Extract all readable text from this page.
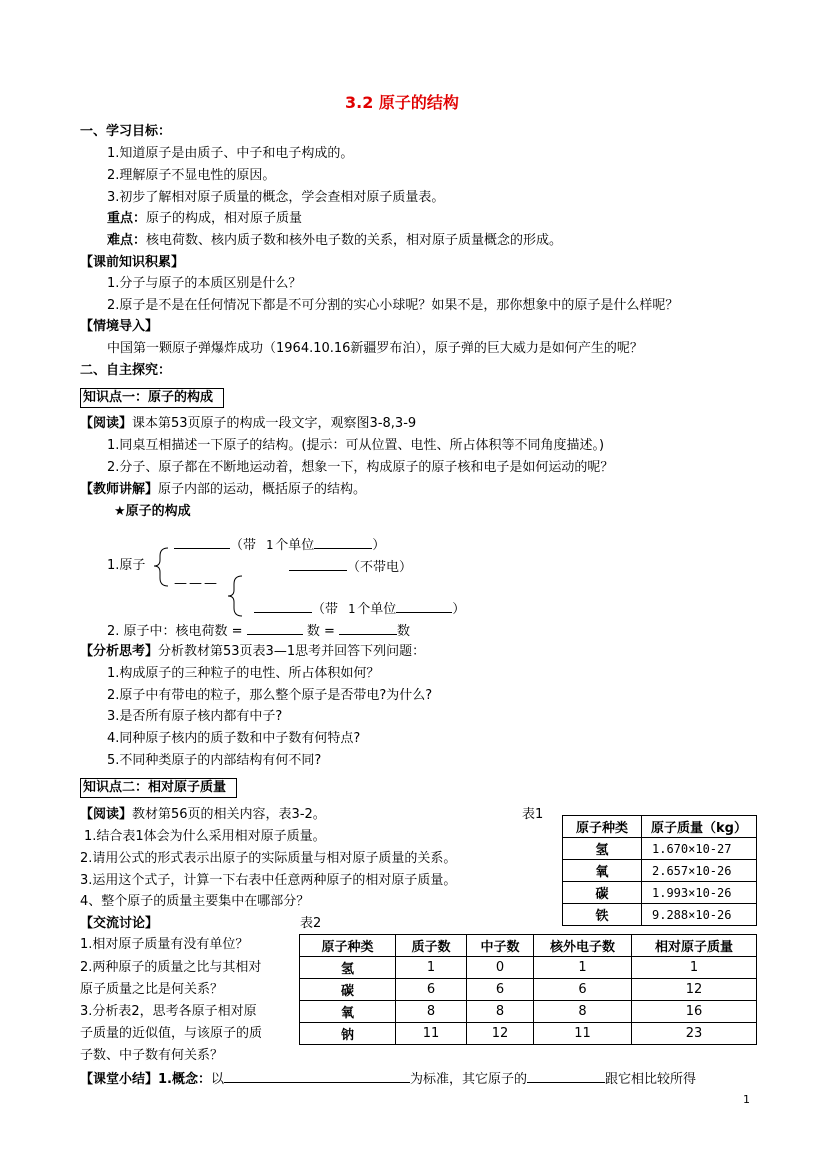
3.2 原子的结构
一、学习目标：
1.知道原子是由质子、中子和电子构成的。
2.理解原子不显电性的原因。
3.初步了解相对原子质量的概念，学会查相对原子质量表。
重点：原子的构成，相对原子质量
难点：核电荷数、核内质子数和核外电子数的关系，相对原子质量概念的形成。
【课前知识积累】
1.分子与原子的本质区别是什么？
2.原子是不是在任何情况下都是不可分割的实心小球呢？如果不是，那你想象中的原子是什么样呢？
【情境导入】
中国第一颗原子弹爆炸成功（1964.10.16新疆罗布泊），原子弹的巨大威力是如何产生的呢？
二、自主探究：
知识点一：原子的构成
【阅读】课本第53页原子的构成一段文字，观察图3-8,3-9
1.同桌互相描述一下原子的结构。(提示：可从位置、电性、所占体积等不同角度描述。)
2.分子、原子都在不断地运动着，想象一下，构成原子的原子核和电子是如何运动的呢？
【教师讲解】原子内部的运动，概括原子的结构。
★原子的构成
1.原子
（带 1 个单位	）
———
（不带电）
（带 1 个单位	）
2. 原子中：核电荷数 =	数 =	数
【分析思考】分析教材第53页表3—1思考并回答下列问题：
1.构成原子的三种粒子的电性、所占体积如何？
2.原子中有带电的粒子，那么整个原子是否带电?为什么?
3.是否所有原子核内都有中子?
4.同种原子核内的质子数和中子数有何特点?
5.不同种类原子的内部结构有何不同?
知识点二：相对原子质量
【阅读】教材第56页的相关内容，表3-2。
1.结合表1体会为什么采用相对原子质量。
2.请用公式的形式表示出原子的实际质量与相对原子质量的关系。
3.运用这个式子，计算一下右表中任意两种原子的相对原子质量。
4、整个原子的质量主要集中在哪部分？
【交流讨论】
1.相对原子质量有没有单位？
2.两种原子的质量之比与其相对
原子质量之比是何关系？
3.分析表2，思考各原子相对原
子质量的近似值，与该原子的质
子数、中子数有何关系？
【课堂小结】1.概念：以	为标准，其它原子的	跟它相比较所得
表1
原子种类	原子质量（kg）
氢	1.670×10-27
氧	2.657×10-26
碳	1.993×10-26
铁	9.288×10-26
表2
原子种类	质子数	中子数	核外电子数	相对原子质量
氢	1	0	1	1
碳	6	6	6	12
氧	8	8	8	16
钠	11	12	11	23
1
